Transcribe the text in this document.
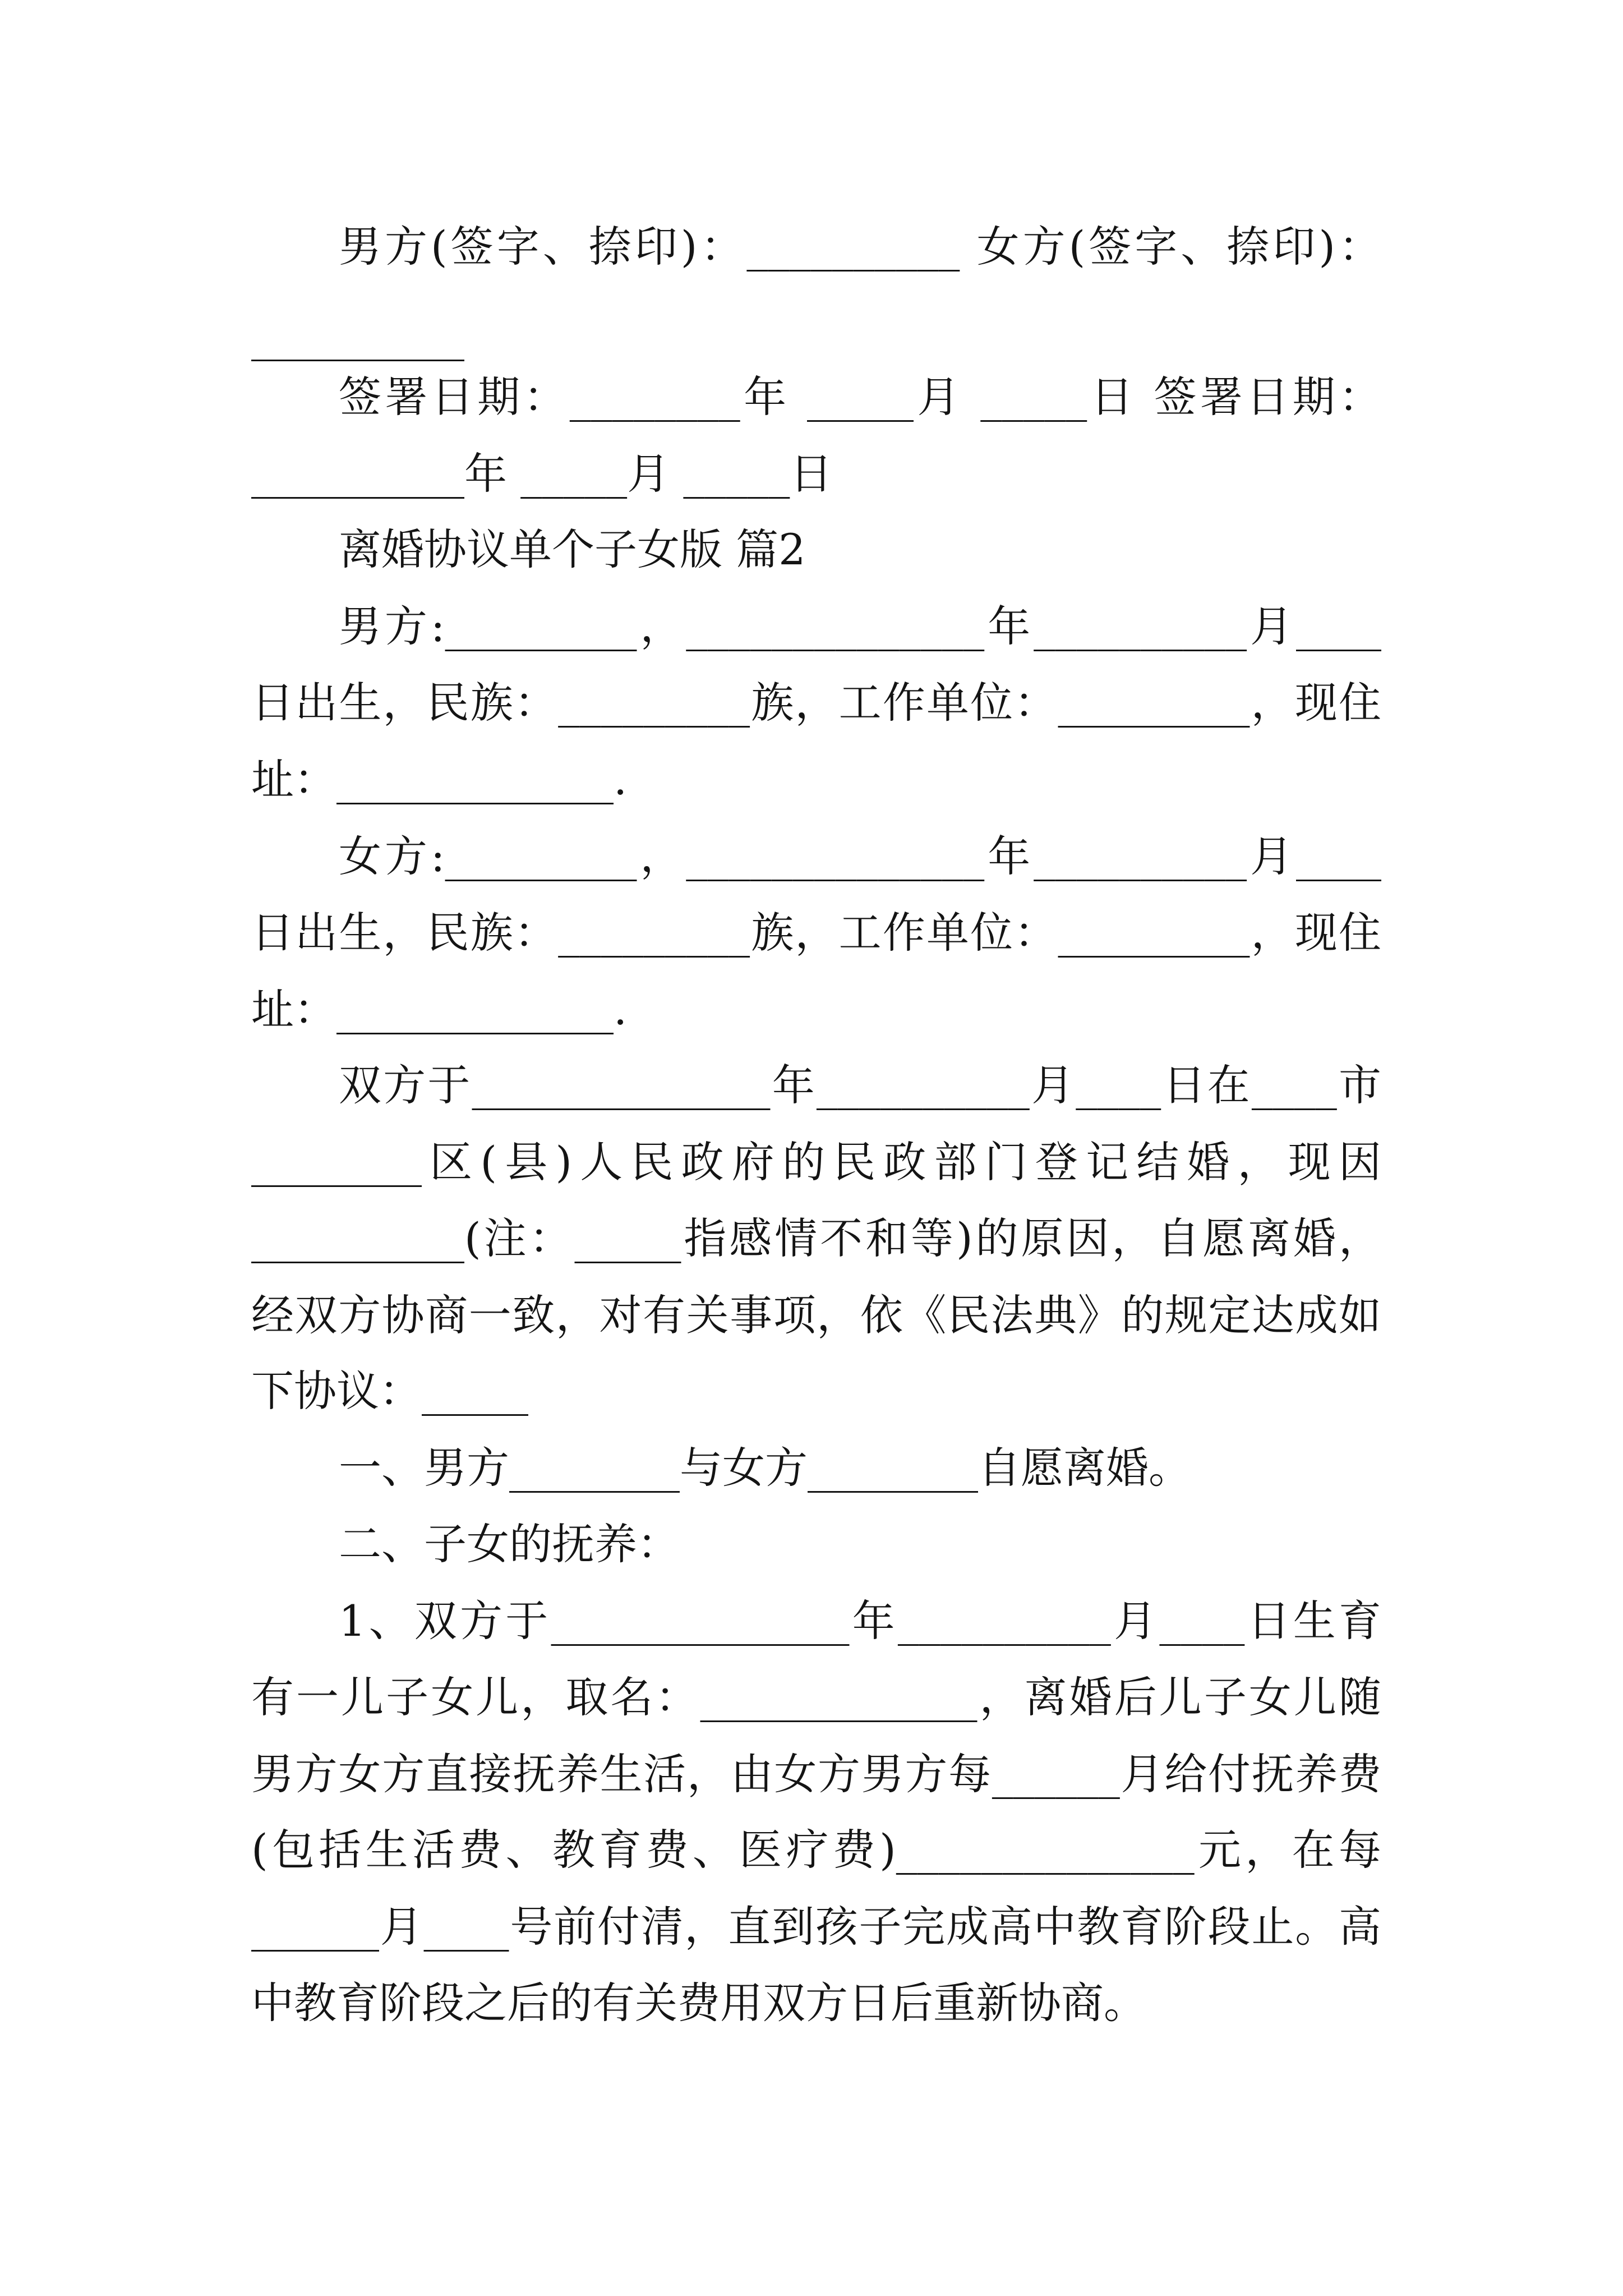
男方(签字、捺印)：__________ 女方(签字、捺印)：
__________
签署日期：________年 _____月 _____日 签署日期：
__________年 _____月 _____日
离婚协议单个子女版 篇2
男方:_________，______________年__________月____
日出生，民族：_________族，工作单位：_________，现住
址：_____________.
女方:_________，______________年__________月____
日出生，民族：_________族，工作单位：_________，现住
址：_____________.
双方于______________年__________月____日在____市
________区(县)人民政府的民政部门登记结婚，现因
__________(注：_____指感情不和等)的原因，自愿离婚，
经双方协商一致，对有关事项，依《民法典》的规定达成如
下协议：_____
一、男方________与女方________自愿离婚。
二、子女的抚养：
1、双方于______________年__________月____日生育
有一儿子女儿，取名：_____________，离婚后儿子女儿随
男方女方直接抚养生活，由女方男方每______月给付抚养费
(包括生活费、教育费、医疗费)______________元，在每
______月____号前付清，直到孩子完成高中教育阶段止。高
中教育阶段之后的有关费用双方日后重新协商。
